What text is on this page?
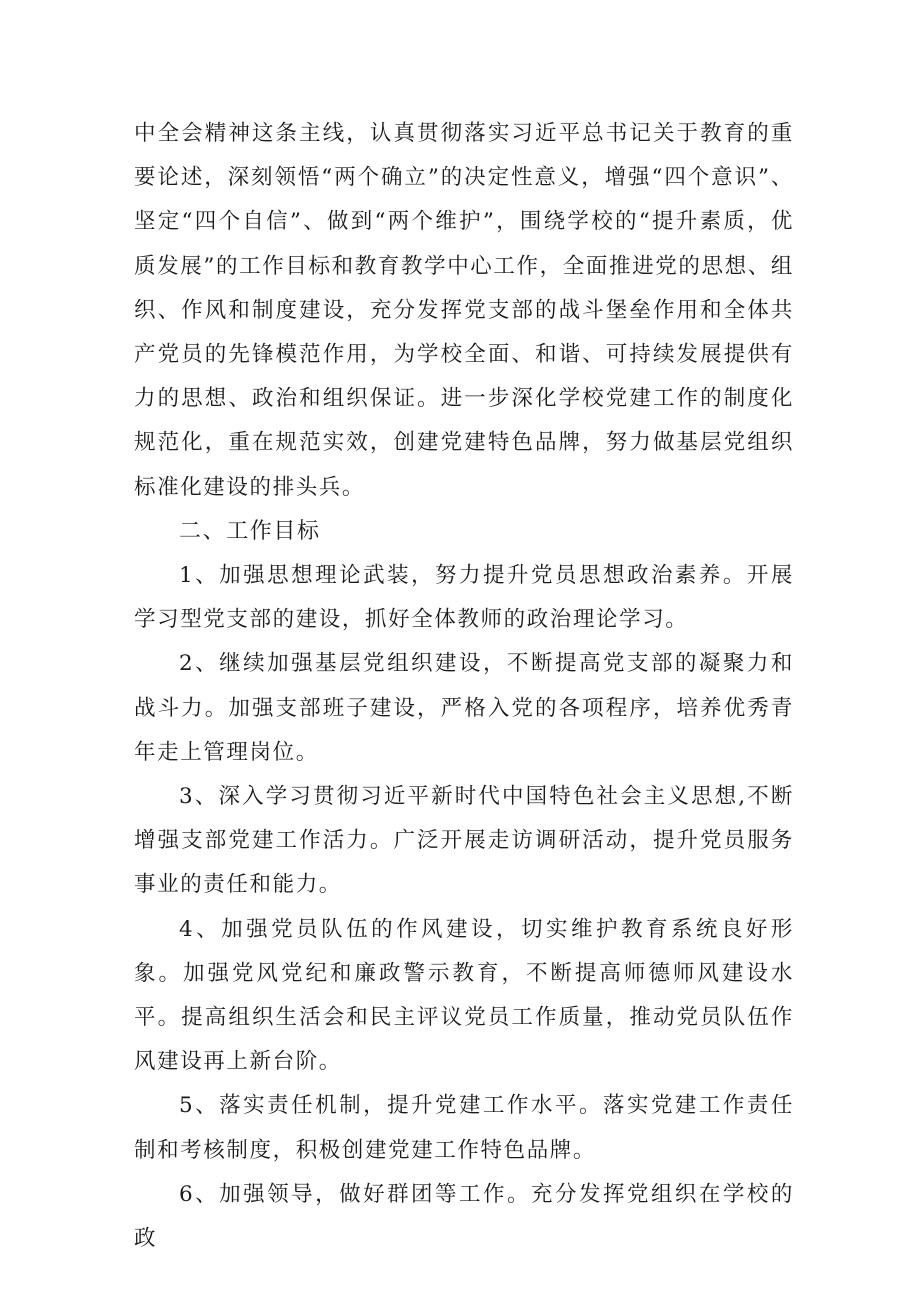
中全会精神这条主线，认真贯彻落实习近平总书记关于教育的重要论述，深刻领悟“两个确立”的决定性意义，增强“四个意识”、坚定“四个自信”、做到“两个维护”，围绕学校的“提升素质，优质发展”的工作目标和教育教学中心工作，全面推进党的思想、组织、作风和制度建设，充分发挥党支部的战斗堡垒作用和全体共产党员的先锋模范作用，为学校全面、和谐、可持续发展提供有力的思想、政治和组织保证。进一步深化学校党建工作的制度化规范化，重在规范实效，创建党建特色品牌，努力做基层党组织标准化建设的排头兵。

二、工作目标

1、加强思想理论武装，努力提升党员思想政治素养。开展学习型党支部的建设，抓好全体教师的政治理论学习。

2、继续加强基层党组织建设，不断提高党支部的凝聚力和战斗力。加强支部班子建设，严格入党的各项程序，培养优秀青年走上管理岗位。

3、深入学习贯彻习近平新时代中国特色社会主义思想,不断增强支部党建工作活力。广泛开展走访调研活动，提升党员服务事业的责任和能力。

4、加强党员队伍的作风建设，切实维护教育系统良好形象。加强党风党纪和廉政警示教育，不断提高师德师风建设水平。提高组织生活会和民主评议党员工作质量，推动党员队伍作风建设再上新台阶。

5、落实责任机制，提升党建工作水平。落实党建工作责任制和考核制度，积极创建党建工作特色品牌。

6、加强领导，做好群团等工作。充分发挥党组织在学校的政
